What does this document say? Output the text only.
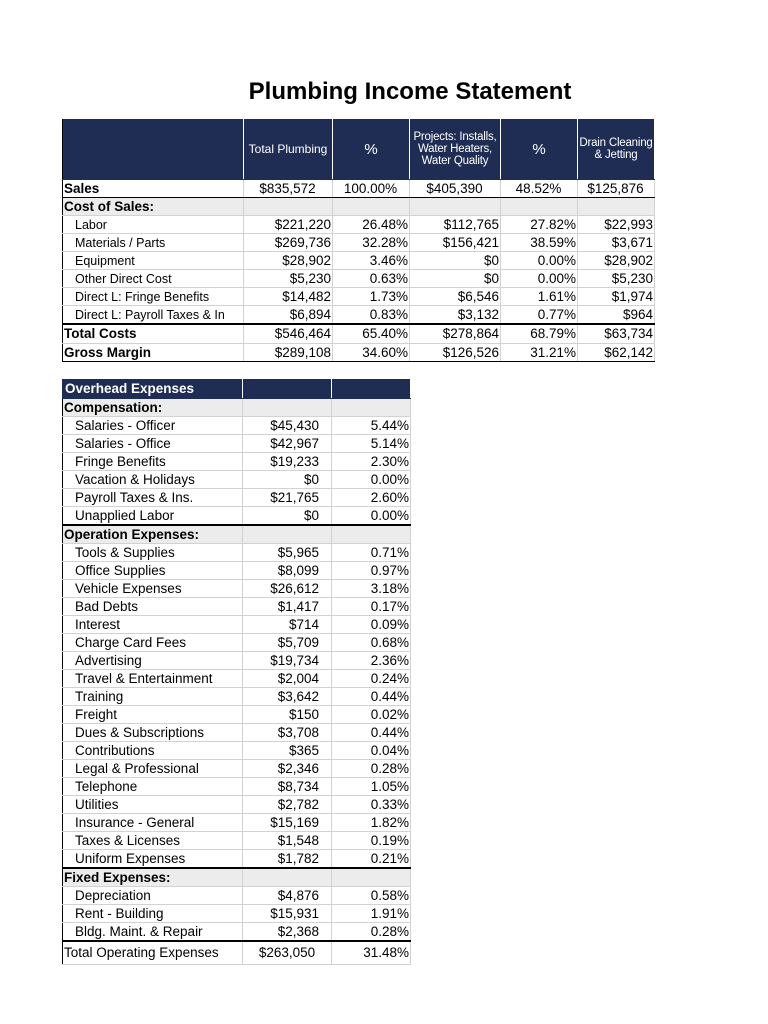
Plumbing Income Statement
	Total Plumbing	%	Projects: Installs, Water Heaters, Water Quality	%	Drain Cleaning & Jetting
Sales	$835,572	100.00%	$405,390	48.52%	$125,876
Cost of Sales:					
Labor	$221,220	26.48%	$112,765	27.82%	$22,993
Materials / Parts	$269,736	32.28%	$156,421	38.59%	$3,671
Equipment	$28,902	3.46%	$0	0.00%	$28,902
Other Direct Cost	$5,230	0.63%	$0	0.00%	$5,230
Direct L: Fringe Benefits	$14,482	1.73%	$6,546	1.61%	$1,974
Direct L: Payroll Taxes & In	$6,894	0.83%	$3,132	0.77%	$964
Total Costs	$546,464	65.40%	$278,864	68.79%	$63,734
Gross Margin	$289,108	34.60%	$126,526	31.21%	$62,142
Overhead Expenses		
Compensation:		
Salaries - Officer	$45,430	5.44%
Salaries - Office	$42,967	5.14%
Fringe Benefits	$19,233	2.30%
Vacation & Holidays	$0	0.00%
Payroll Taxes & Ins.	$21,765	2.60%
Unapplied Labor	$0	0.00%
Operation Expenses:		
Tools & Supplies	$5,965	0.71%
Office Supplies	$8,099	0.97%
Vehicle Expenses	$26,612	3.18%
Bad Debts	$1,417	0.17%
Interest	$714	0.09%
Charge Card Fees	$5,709	0.68%
Advertising	$19,734	2.36%
Travel & Entertainment	$2,004	0.24%
Training	$3,642	0.44%
Freight	$150	0.02%
Dues & Subscriptions	$3,708	0.44%
Contributions	$365	0.04%
Legal & Professional	$2,346	0.28%
Telephone	$8,734	1.05%
Utilities	$2,782	0.33%
Insurance - General	$15,169	1.82%
Taxes & Licenses	$1,548	0.19%
Uniform Expenses	$1,782	0.21%
Fixed Expenses:		
Depreciation	$4,876	0.58%
Rent - Building	$15,931	1.91%
Bldg. Maint. & Repair	$2,368	0.28%
Total Operating Expenses	$263,050	31.48%
